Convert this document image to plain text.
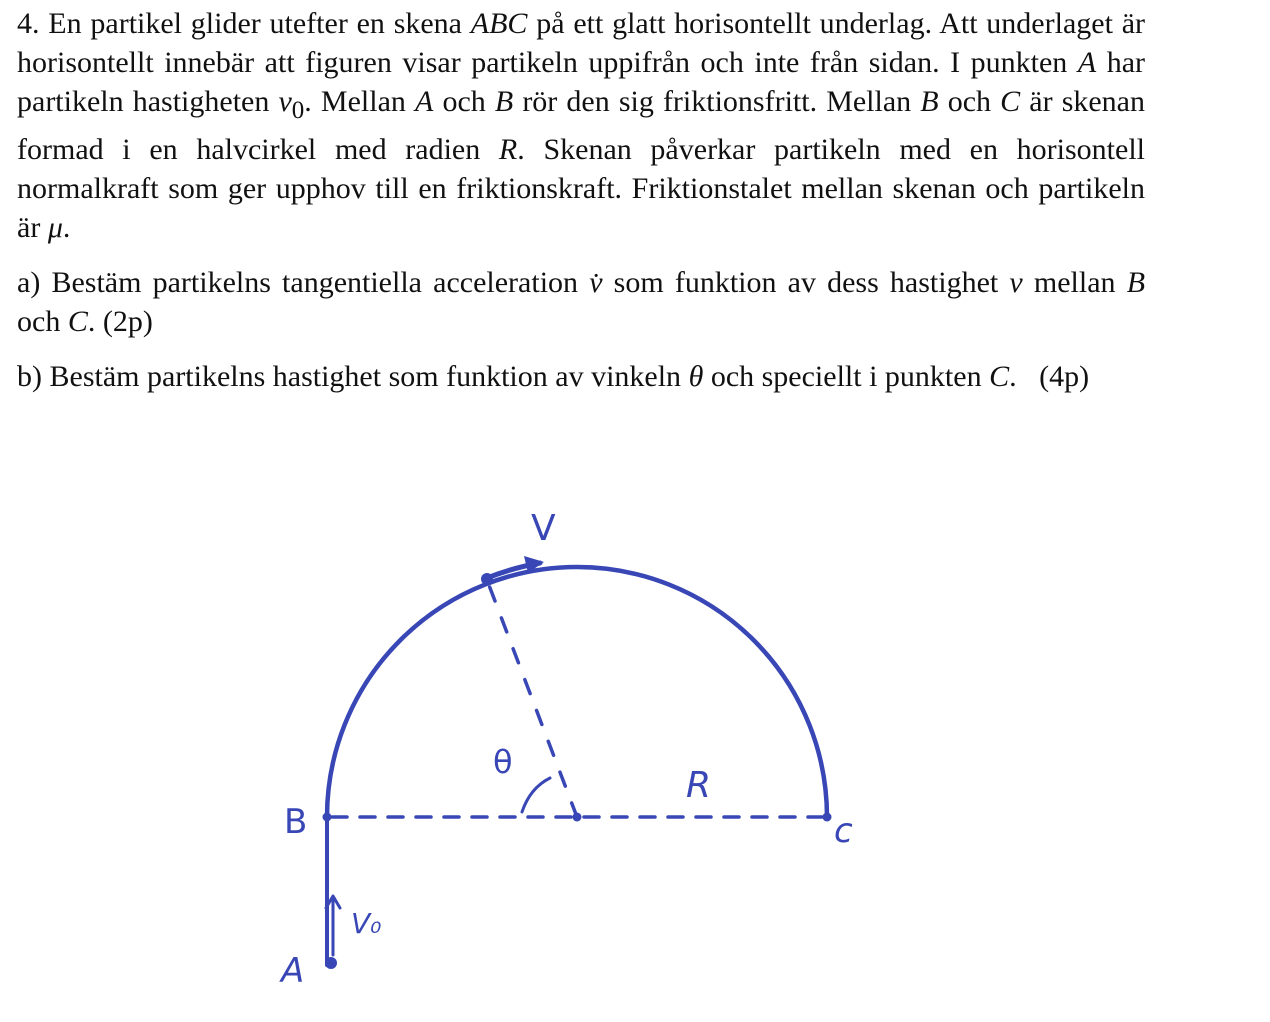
4. En partikel glider utefter en skena ABC på ett glatt horisontellt underlag. Att underlaget är horisontellt innebär att figuren visar partikeln uppifrån och inte från sidan. I punkten A har partikeln hastigheten $v_0$. Mellan A och B rör den sig friktionsfritt. Mellan B och C är skenan formad i en halvcirkel med radien R. Skenan påverkar partikeln med en horisontell normalkraft som ger upphov till en friktionskraft. Friktionstalet mellan skenan och partikeln är μ.

a) Bestäm partikelns tangentiella acceleration v̇ som funktion av dess hastighet v mellan B och C. (2p)

b) Bestäm partikelns hastighet som funktion av vinkeln θ och speciellt i punkten C. (4p)

A
B	c
V
V₀
R
θ
